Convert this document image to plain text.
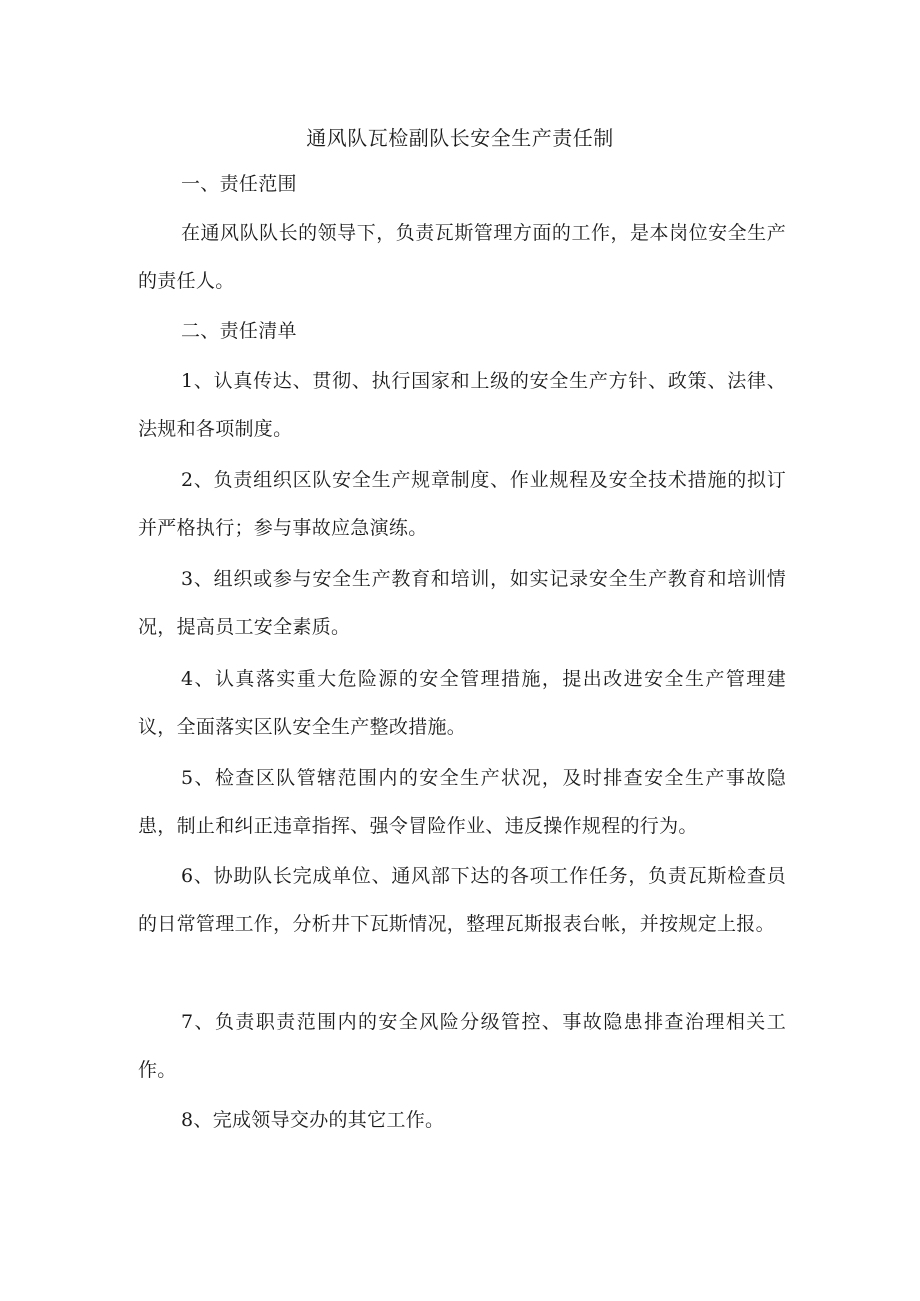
通风队瓦检副队长安全生产责任制

一、责任范围

在通风队队长的领导下，负责瓦斯管理方面的工作，是本岗位安全生产的责任人。

二、责任清单

1、认真传达、贯彻、执行国家和上级的安全生产方针、政策、法律、法规和各项制度。

2、负责组织区队安全生产规章制度、作业规程及安全技术措施的拟订并严格执行；参与事故应急演练。

3、组织或参与安全生产教育和培训，如实记录安全生产教育和培训情况，提高员工安全素质。

4、认真落实重大危险源的安全管理措施，提出改进安全生产管理建议，全面落实区队安全生产整改措施。

5、检查区队管辖范围内的安全生产状况，及时排查安全生产事故隐患，制止和纠正违章指挥、强令冒险作业、违反操作规程的行为。

6、协助队长完成单位、通风部下达的各项工作任务，负责瓦斯检查员的日常管理工作，分析井下瓦斯情况，整理瓦斯报表台帐，并按规定上报。

7、负责职责范围内的安全风险分级管控、事故隐患排查治理相关工作。

8、完成领导交办的其它工作。
